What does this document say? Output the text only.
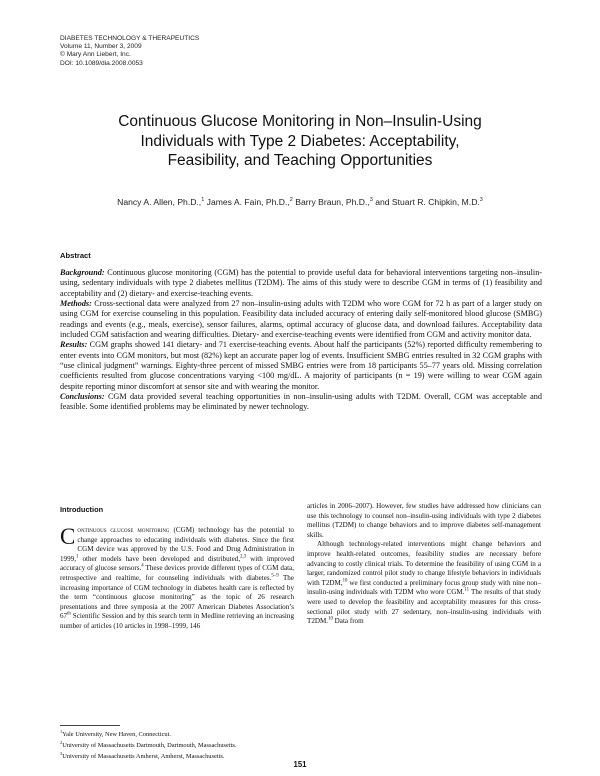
DIABETES TECHNOLOGY & THERAPEUTICS
Volume 11, Number 3, 2009
© Mary Ann Liebert, Inc.
DOI: 10.1089/dia.2008.0053
Continuous Glucose Monitoring in Non–Insulin-Using
Individuals with Type 2 Diabetes: Acceptability,
Feasibility, and Teaching Opportunities
Nancy A. Allen, Ph.D.,$^1$ James A. Fain, Ph.D.,$^2$ Barry Braun, Ph.D.,$^3$ and Stuart R. Chipkin, M.D.$^3$
Abstract

Background: Continuous glucose monitoring (CGM) has the potential to provide useful data for behavioral interventions targeting non–insulin-using, sedentary individuals with type 2 diabetes mellitus (T2DM). The aims of this study were to describe CGM in terms of (1) feasibility and acceptability and (2) dietary- and exercise-teaching events.

Methods: Cross-sectional data were analyzed from 27 non–insulin-using adults with T2DM who wore CGM for 72 h as part of a larger study on using CGM for exercise counseling in this population. Feasibility data included accuracy of entering daily self-monitored blood glucose (SMBG) readings and events (e.g., meals, exercise), sensor failures, alarms, optimal accuracy of glucose data, and download failures. Acceptability data included CGM satisfaction and wearing difficulties. Dietary- and exercise-teaching events were identified from CGM and activity monitor data.

Results: CGM graphs showed 141 dietary- and 71 exercise-teaching events. About half the participants (52%) reported difficulty remembering to enter events into CGM monitors, but most (82%) kept an accurate paper log of events. Insufficient SMBG entries resulted in 32 CGM graphs with “use clinical judgment” warnings. Eighty-three percent of missed SMBG entries were from 18 participants 55–77 years old. Missing correlation coefficients resulted from glucose concentrations varying <100 mg/dL. A majority of participants (n = 19) were willing to wear CGM again despite reporting minor discomfort at sensor site and with wearing the monitor.

Conclusions: CGM data provided several teaching opportunities in non–insulin-using adults with T2DM. Overall, CGM was acceptable and feasible. Some identified problems may be eliminated by newer technology.

Introduction

Continuous glucose monitoring (CGM) technology has the potential to change approaches to educating individuals with diabetes. Since the first CGM device was approved by the U.S. Food and Drug Administration in 1999,$^1$ other models have been developed and distributed,$^{2,3}$ with improved accuracy of glucose sensors.$^4$ These devices provide different types of CGM data, retrospective and realtime, for counseling individuals with diabetes.$^{5-9}$ The increasing importance of CGM technology in diabetes health care is reflected by the term “continuous glucose monitoring” as the topic of 26 research presentations and three symposia at the 2007 American Diabetes Association’s 67th Scientific Session and by this search term in Medline retrieving an increasing number of articles (10 articles in 1998–1999, 146

articles in 2006–2007). However, few studies have addressed how clinicians can use this technology to counsel non–insulin-using individuals with type 2 diabetes mellitus (T2DM) to change behaviors and to improve diabetes self-management skills.

Although technology-related interventions might change behaviors and improve health-related outcomes, feasibility studies are necessary before advancing to costly clinical trials. To determine the feasibility of using CGM in a larger, randomized control pilot study to change lifestyle behaviors in individuals with T2DM,$^{10}$ we first conducted a preliminary focus group study with nine non–insulin-using individuals with T2DM who wore CGM.$^{11}$ The results of that study were used to develop the feasibility and acceptability measures for this cross-sectional pilot study with 27 sedentary, non–insulin-using individuals with T2DM.$^{10}$ Data from

$^1$Yale University, New Haven, Connecticut.
$^2$University of Massachusetts Dartmouth, Dartmouth, Massachusetts.
$^3$University of Massachusetts Amherst, Amherst, Massachusetts.
151
